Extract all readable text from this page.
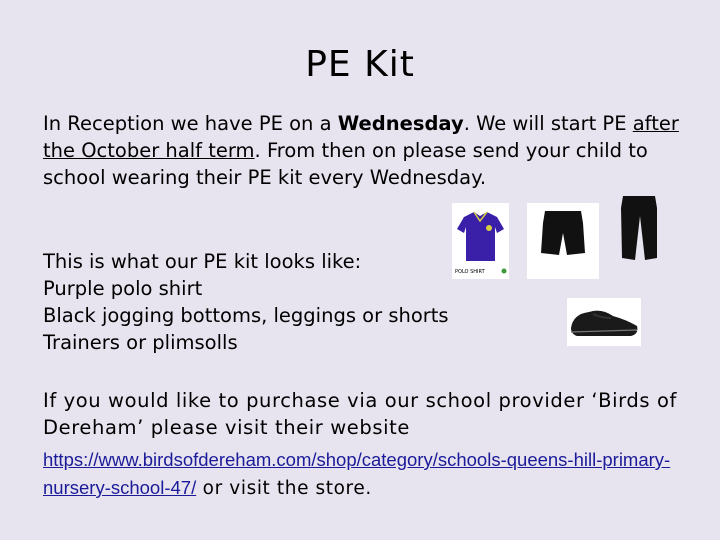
PE Kit
In Reception we have PE on a Wednesday. We will start PE after the October half term. From then on please send your child to school wearing their PE kit every Wednesday.
This is what our PE kit looks like:
Purple polo shirt
Black jogging bottoms, leggings or shorts
Trainers or plimsolls
If you would like to purchase via our school provider ‘Birds of Dereham’ please visit their website
https://www.birdsofdereham.com/shop/category/schools-queens-hill-primary-nursery-school-47/ or visit the store.
POLO SHIRT
